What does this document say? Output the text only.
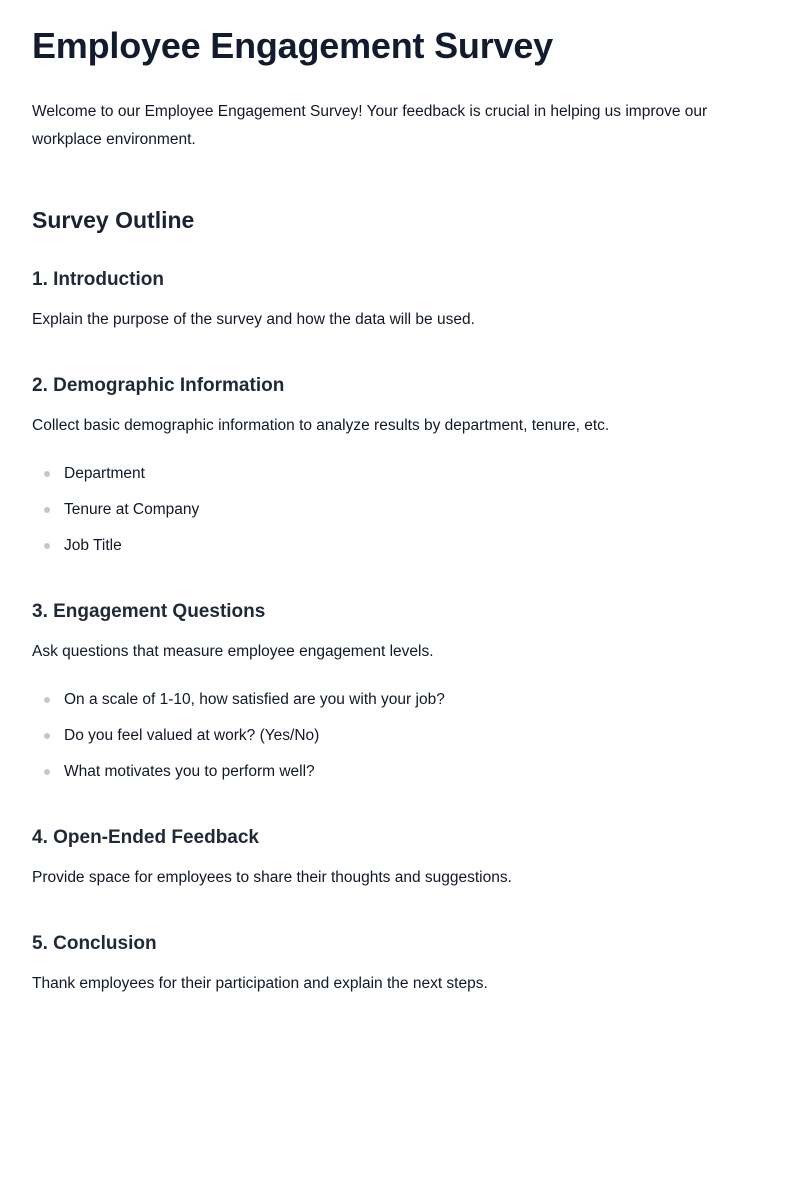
Employee Engagement Survey

Welcome to our Employee Engagement Survey! Your feedback is crucial in helping us improve our workplace environment.

Survey Outline
1. Introduction

Explain the purpose of the survey and how the data will be used.

2. Demographic Information

Collect basic demographic information to analyze results by department, tenure, etc.

Department
Tenure at Company
Job Title
3. Engagement Questions

Ask questions that measure employee engagement levels.

On a scale of 1-10, how satisfied are you with your job?
Do you feel valued at work? (Yes/No)
What motivates you to perform well?
4. Open-Ended Feedback

Provide space for employees to share their thoughts and suggestions.

5. Conclusion

Thank employees for their participation and explain the next steps.
